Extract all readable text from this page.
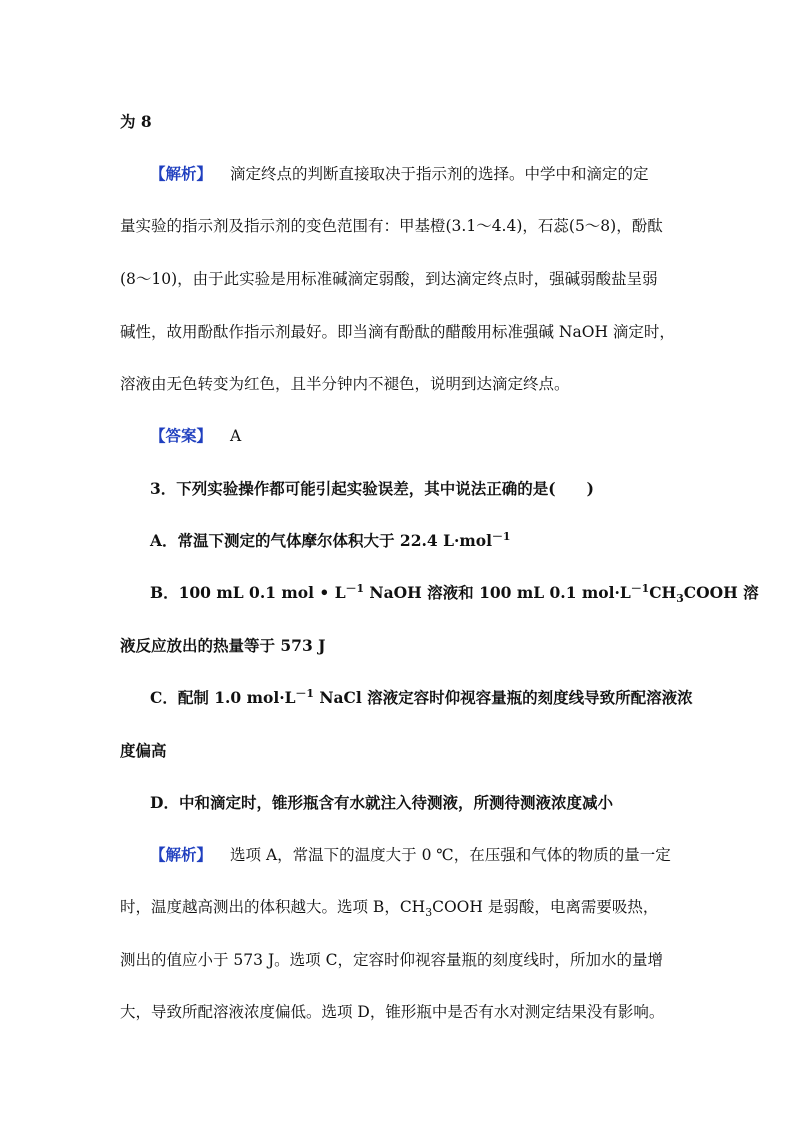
为 8
【解析】 滴定终点的判断直接取决于指示剂的选择。中学中和滴定的定
量实验的指示剂及指示剂的变色范围有：甲基橙(3.1～4.4)，石蕊(5～8)，酚酞
(8～10)，由于此实验是用标准碱滴定弱酸，到达滴定终点时，强碱弱酸盐呈弱
碱性，故用酚酞作指示剂最好。即当滴有酚酞的醋酸用标准强碱 NaOH 滴定时，
溶液由无色转变为红色，且半分钟内不褪色，说明到达滴定终点。
【答案】 A
3．下列实验操作都可能引起实验误差，其中说法正确的是(　　)
A．常温下测定的气体摩尔体积大于 22.4 L·mol$^{-1}$
B．100 mL 0.1 mol • $L^{-1}$ NaOH 溶液和 100 mL 0.1 $mol\cdot L^{-1}CH_3COOH$ 溶
液反应放出的热量等于 573 J
C．配制 1.0 $mol\cdot L^{-1}$ NaCl 溶液定容时仰视容量瓶的刻度线导致所配溶液浓
度偏高
D．中和滴定时，锥形瓶含有水就注入待测液，所测待测液浓度减小
【解析】 选项 A，常温下的温度大于 0 ℃，在压强和气体的物质的量一定
时，温度越高测出的体积越大。选项 B，$CH_3COOH$ 是弱酸，电离需要吸热，
测出的值应小于 573 J。选项 C，定容时仰视容量瓶的刻度线时，所加水的量增
大，导致所配溶液浓度偏低。选项 D，锥形瓶中是否有水对测定结果没有影响。
